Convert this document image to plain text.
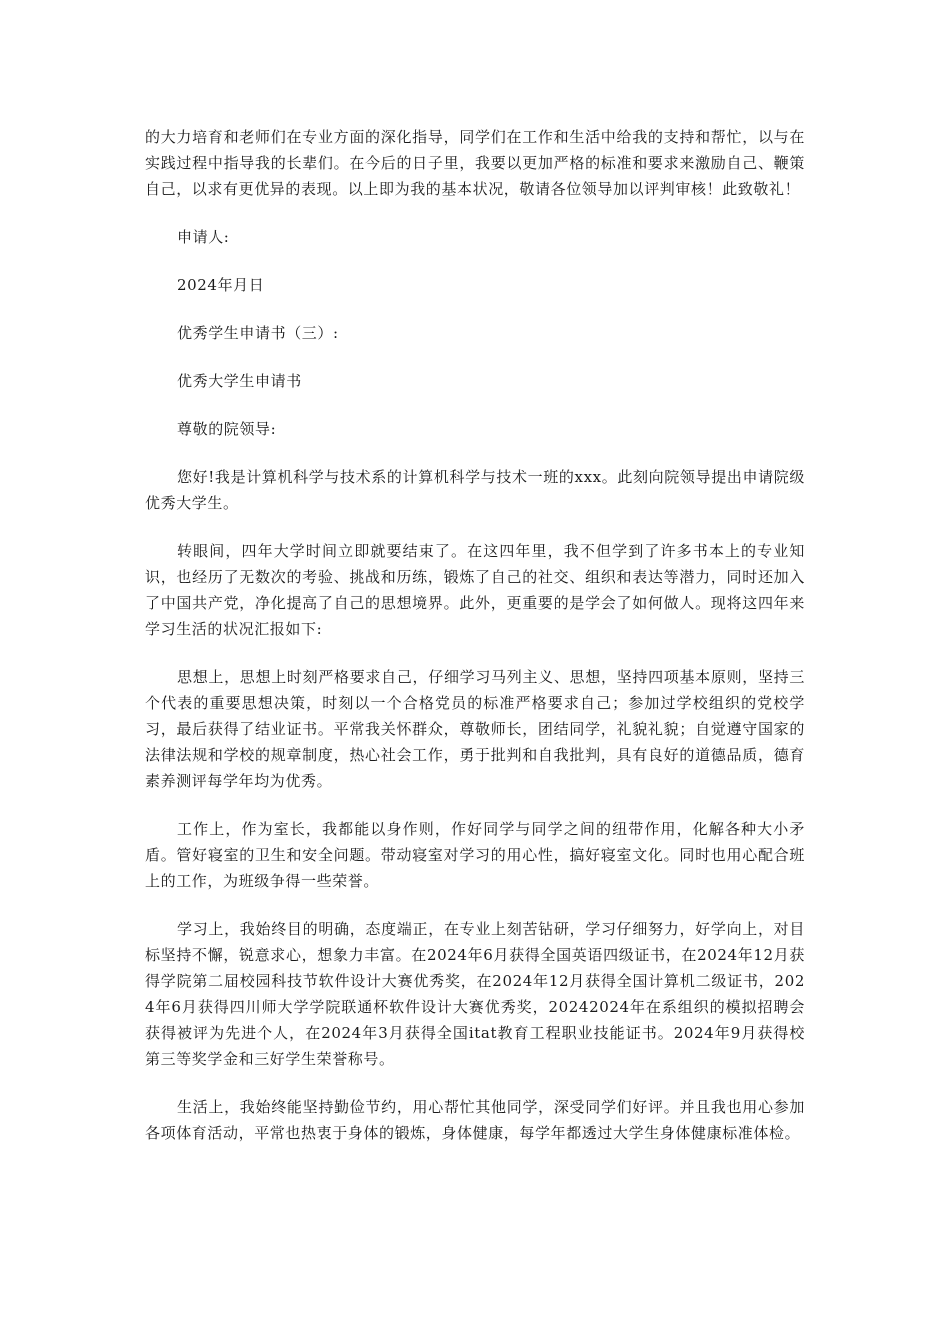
的大力培育和老师们在专业方面的深化指导，同学们在工作和生活中给我的支持和帮忙，以与在实践过程中指导我的长辈们。在今后的日子里，我要以更加严格的标准和要求来激励自己、鞭策自己，以求有更优异的表现。以上即为我的基本状况，敬请各位领导加以评判审核！此致敬礼！

申请人:

2024年月日

优秀学生申请书（三）:

优秀大学生申请书

尊敬的院领导:

您好!我是计算机科学与技术系的计算机科学与技术一班的xxx。此刻向院领导提出申请院级优秀大学生。

转眼间，四年大学时间立即就要结束了。在这四年里，我不但学到了许多书本上的专业知识，也经历了无数次的考验、挑战和历练，锻炼了自己的社交、组织和表达等潜力，同时还加入了中国共产党，净化提高了自己的思想境界。此外，更重要的是学会了如何做人。现将这四年来学习生活的状况汇报如下:

思想上，思想上时刻严格要求自己，仔细学习马列主义、思想，坚持四项基本原则，坚持三个代表的重要思想决策，时刻以一个合格党员的标准严格要求自己；参加过学校组织的党校学习，最后获得了结业证书。平常我关怀群众，尊敬师长，团结同学，礼貌礼貌；自觉遵守国家的法律法规和学校的规章制度，热心社会工作，勇于批判和自我批判，具有良好的道德品质，德育素养测评每学年均为优秀。

工作上，作为室长，我都能以身作则，作好同学与同学之间的纽带作用，化解各种大小矛盾。管好寝室的卫生和安全问题。带动寝室对学习的用心性，搞好寝室文化。同时也用心配合班上的工作，为班级争得一些荣誉。

学习上，我始终目的明确，态度端正，在专业上刻苦钻研，学习仔细努力，好学向上，对目标坚持不懈，锐意求心，想象力丰富。在2024年6月获得全国英语四级证书，在2024年12月获得学院第二届校园科技节软件设计大赛优秀奖，在2024年12月获得全国计算机二级证书，2024年6月获得四川师大学学院联通杯软件设计大赛优秀奖，20242024年在系组织的模拟招聘会获得被评为先进个人，在2024年3月获得全国itat教育工程职业技能证书。2024年9月获得校第三等奖学金和三好学生荣誉称号。

生活上，我始终能坚持勤俭节约，用心帮忙其他同学，深受同学们好评。并且我也用心参加各项体育活动，平常也热衷于身体的锻炼，身体健康，每学年都透过大学生身体健康标准体检。
